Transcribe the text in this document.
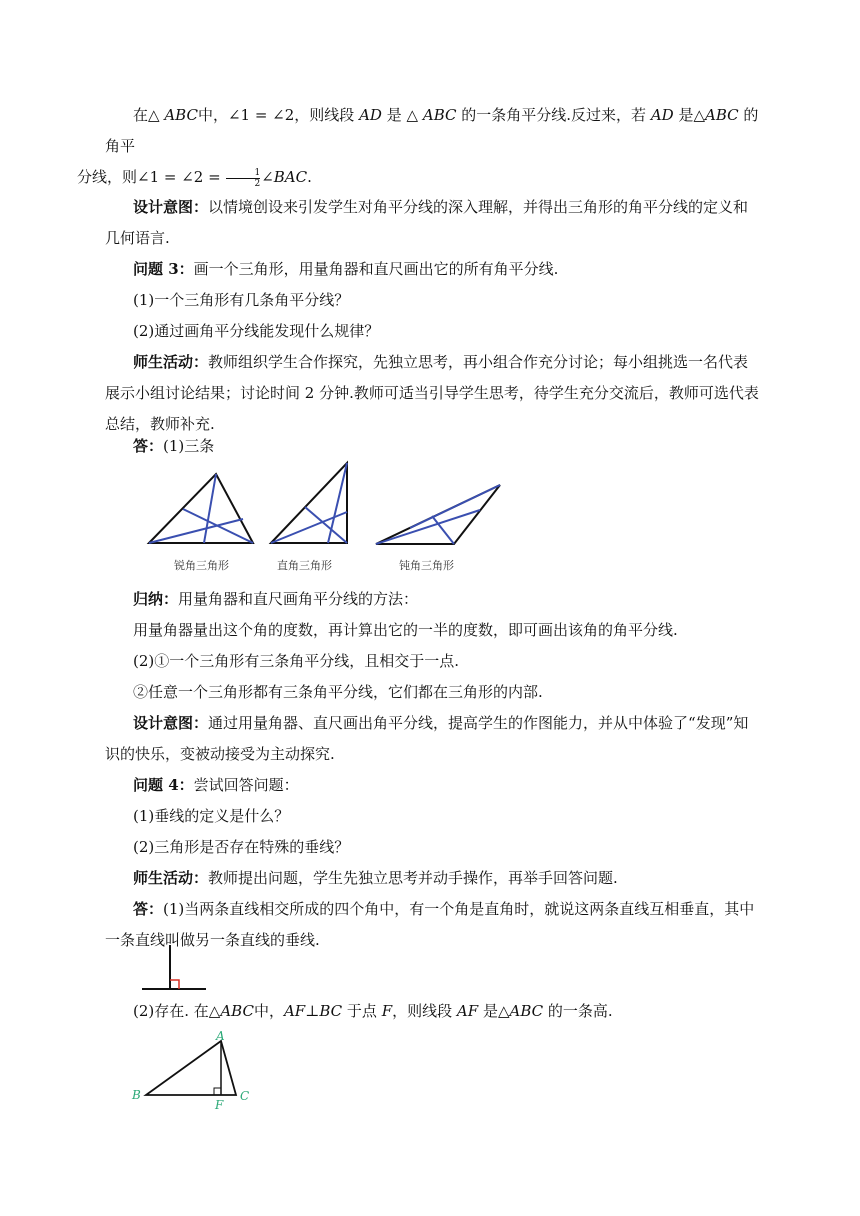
在△ ABC中，∠1 = ∠2，则线段 AD 是 △ ABC 的一条角平分线.反过来，若 AD 是△ABC 的角平
分线，则∠1 = ∠2 = $\frac{1}{2}$ ∠BAC.

设计意图：以情境创设来引发学生对角平分线的深入理解，并得出三角形的角平分线的定义和几何语言.

问题 3：画一个三角形，用量角器和直尺画出它的所有角平分线.

(1)一个三角形有几条角平分线？

(2)通过画角平分线能发现什么规律？

师生活动：教师组织学生合作探究，先独立思考，再小组合作充分讨论；每小组挑选一名代表展示小组讨论结果；讨论时间 2 分钟.教师可适当引导学生思考，待学生充分交流后，教师可选代表总结，教师补充.

答：(1)三条

锐角三角形	直角三角形	钝角三角形

归纳：用量角器和直尺画角平分线的方法：

用量角器量出这个角的度数，再计算出它的一半的度数，即可画出该角的角平分线.

(2)①一个三角形有三条角平分线，且相交于一点.

②任意一个三角形都有三条角平分线，它们都在三角形的内部.

设计意图：通过用量角器、直尺画出角平分线，提高学生的作图能力，并从中体验了“发现”知识的快乐，变被动接受为主动探究.

问题 4：尝试回答问题：

(1)垂线的定义是什么？

(2)三角形是否存在特殊的垂线？

师生活动：教师提出问题，学生先独立思考并动手操作，再举手回答问题.

答：(1)当两条直线相交所成的四个角中，有一个角是直角时，就说这两条直线互相垂直，其中一条直线叫做另一条直线的垂线.

(2)存在. 在△ABC中，AF⊥BC 于点 F，则线段 AF 是△ABC 的一条高.

A
B	C
F
